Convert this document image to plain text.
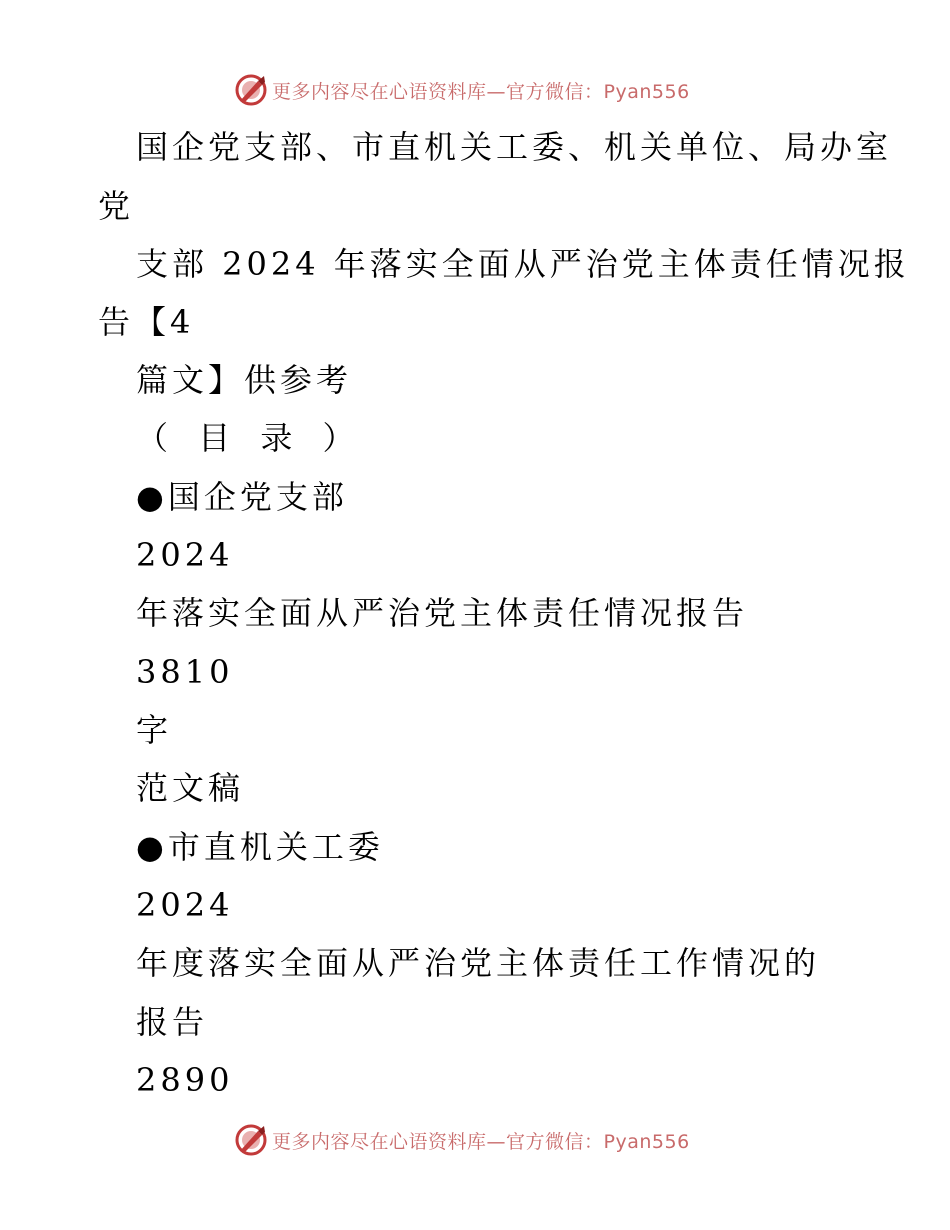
更多内容尽在心语资料库—官方微信：Pyan556
国企党支部、市直机关工委、机关单位、局办室
党
支部 2024 年落实全面从严治党主体责任情况报
告【4
篇文】供参考
（ 目 录 ）
●国企党支部
2024
年落实全面从严治党主体责任情况报告
3810
字
范文稿
●市直机关工委
2024
年度落实全面从严治党主体责任工作情况的
报告
2890
更多内容尽在心语资料库—官方微信：Pyan556
